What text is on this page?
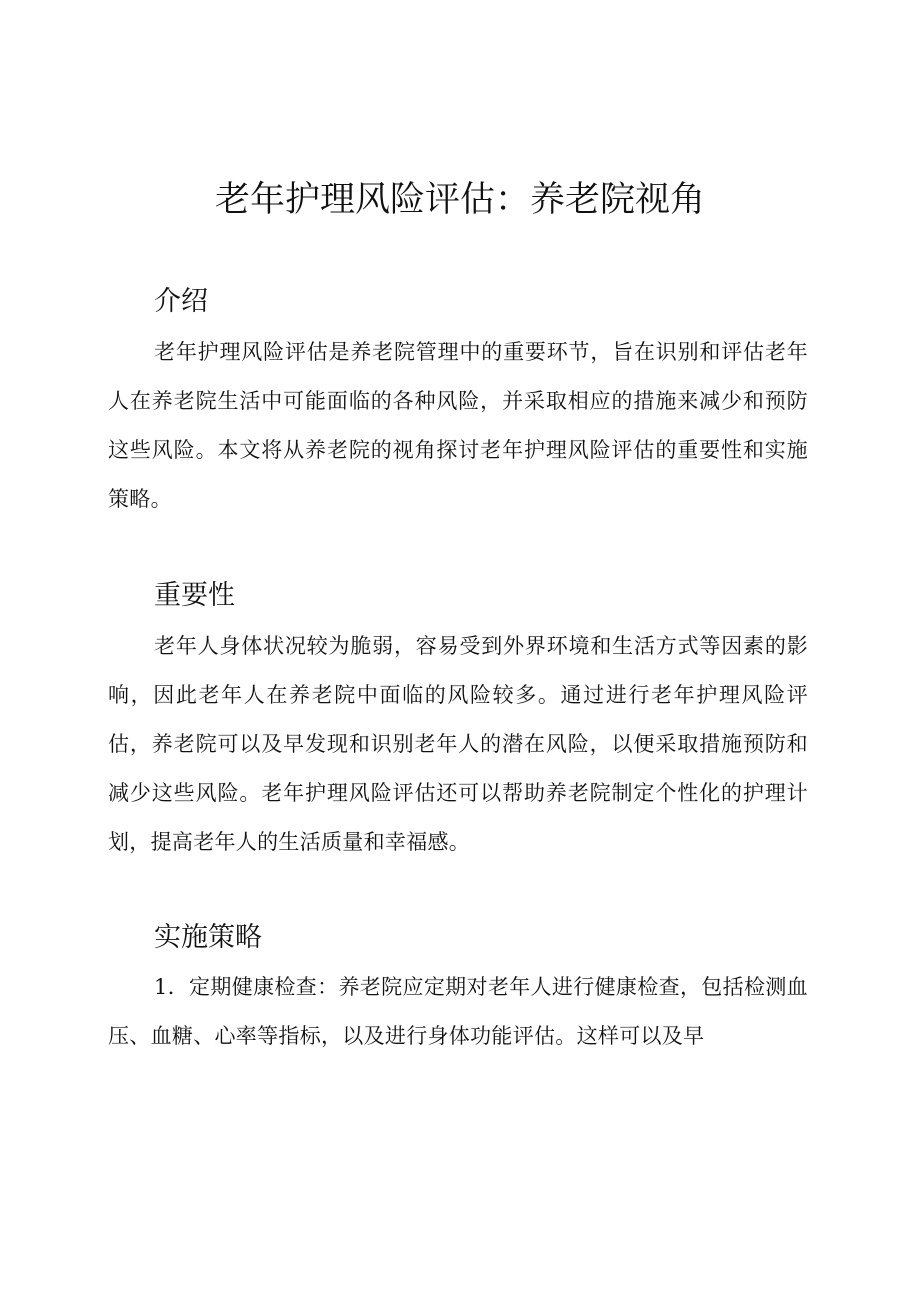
老年护理风险评估：养老院视角
介绍

老年护理风险评估是养老院管理中的重要环节，旨在识别和评估老年人在养老院生活中可能面临的各种风险，并采取相应的措施来减少和预防这些风险。本文将从养老院的视角探讨老年护理风险评估的重要性和实施策略。

重要性

老年人身体状况较为脆弱，容易受到外界环境和生活方式等因素的影响，因此老年人在养老院中面临的风险较多。通过进行老年护理风险评估，养老院可以及早发现和识别老年人的潜在风险，以便采取措施预防和减少这些风险。老年护理风险评估还可以帮助养老院制定个性化的护理计划，提高老年人的生活质量和幸福感。

实施策略

1．定期健康检查：养老院应定期对老年人进行健康检查，包括检测血压、血糖、心率等指标，以及进行身体功能评估。这样可以及早
